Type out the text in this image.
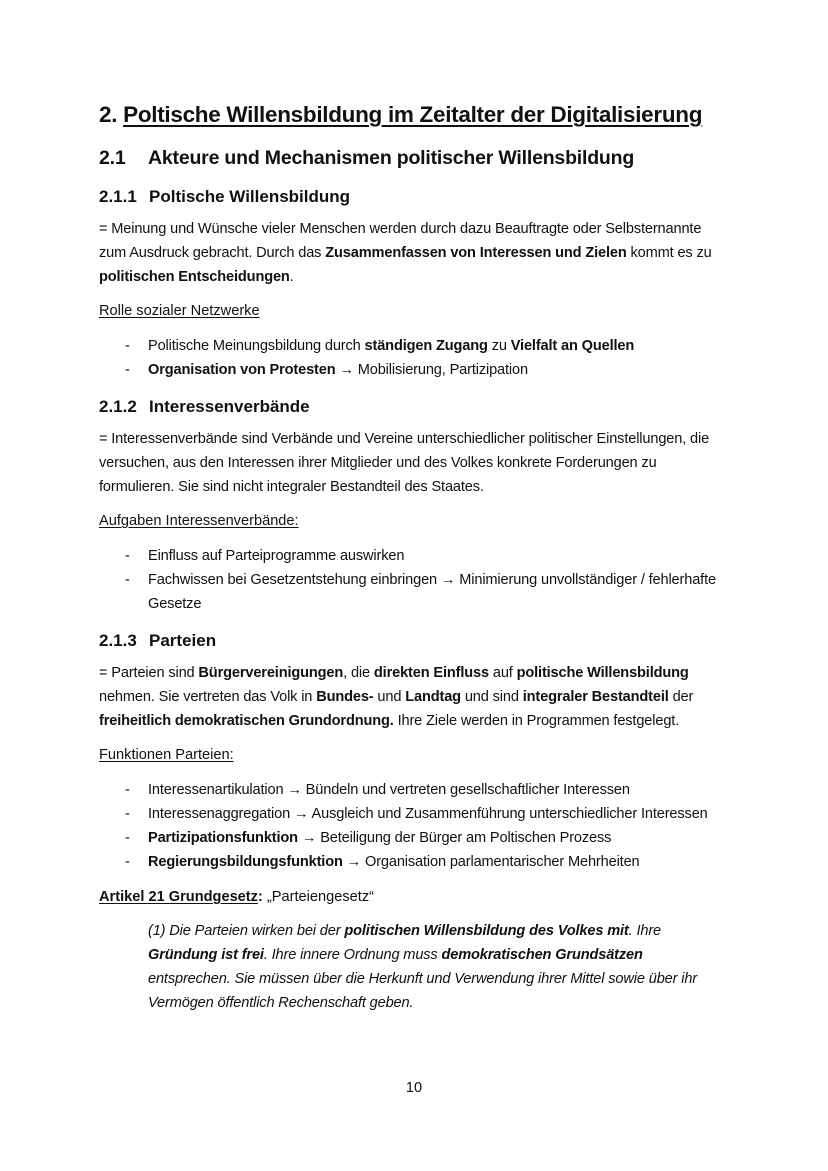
2. Poltische Willensbildung im Zeitalter der Digitalisierung
2.1 Akteure und Mechanismen politischer Willensbildung
2.1.1 Poltische Willensbildung
= Meinung und Wünsche vieler Menschen werden durch dazu Beauftragte oder Selbsternannte zum Ausdruck gebracht. Durch das Zusammenfassen von Interessen und Zielen kommt es zu politischen Entscheidungen.
Rolle sozialer Netzwerke
- Politische Meinungsbildung durch ständigen Zugang zu Vielfalt an Quellen
- Organisation von Protesten → Mobilisierung, Partizipation
2.1.2 Interessenverbände
= Interessenverbände sind Verbände und Vereine unterschiedlicher politischer Einstellungen, die versuchen, aus den Interessen ihrer Mitglieder und des Volkes konkrete Forderungen zu formulieren. Sie sind nicht integraler Bestandteil des Staates.
Aufgaben Interessenverbände:
- Einfluss auf Parteiprogramme auswirken
- Fachwissen bei Gesetzentstehung einbringen → Minimierung unvollständiger / fehlerhafte Gesetze
2.1.3 Parteien
= Parteien sind Bürgervereinigungen, die direkten Einfluss auf politische Willensbildung nehmen. Sie vertreten das Volk in Bundes- und Landtag und sind integraler Bestandteil der freiheitlich demokratischen Grundordnung. Ihre Ziele werden in Programmen festgelegt.
Funktionen Parteien:
- Interessenartikulation → Bündeln und vertreten gesellschaftlicher Interessen
- Interessenaggregation → Ausgleich und Zusammenführung unterschiedlicher Interessen
- Partizipationsfunktion → Beteiligung der Bürger am Poltischen Prozess
- Regierungsbildungsfunktion → Organisation parlamentarischer Mehrheiten
Artikel 21 Grundgesetz: „Parteiengesetz“
(1) Die Parteien wirken bei der politischen Willensbildung des Volkes mit. Ihre Gründung ist frei. Ihre innere Ordnung muss demokratischen Grundsätzen entsprechen. Sie müssen über die Herkunft und Verwendung ihrer Mittel sowie über ihr Vermögen öffentlich Rechenschaft geben.
10
